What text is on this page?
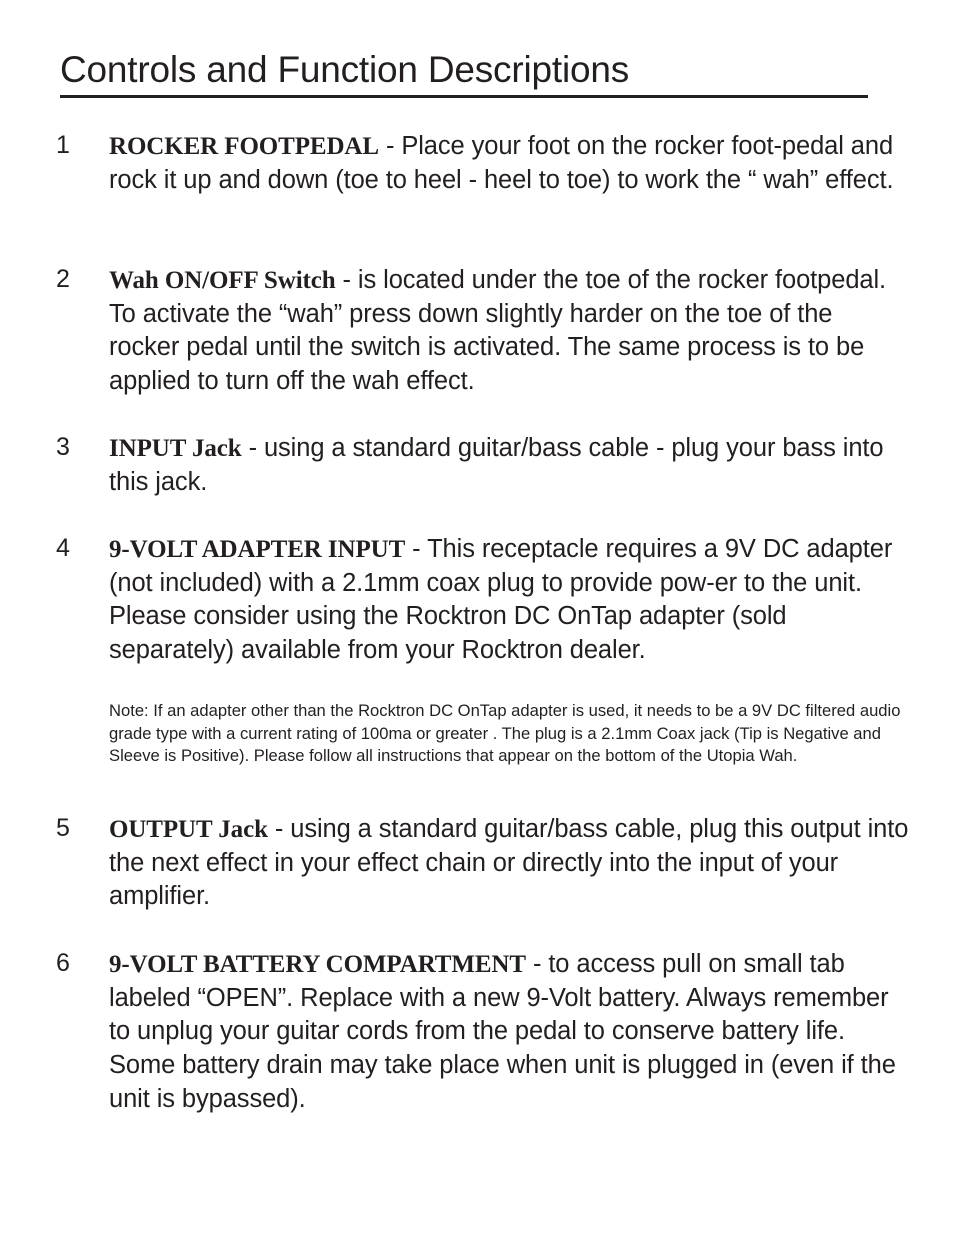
Controls and Function Descriptions
1 ROCKER FOOTPEDAL - Place your foot on the rocker foot-pedal and rock it up and down (toe to heel - heel to toe) to work the “ wah” effect.

2 Wah ON/OFF Switch - is located under the toe of the rocker footpedal. To activate the “wah” press down slightly harder on the toe of the rocker pedal until the switch is activated. The same process is to be applied to turn off the wah effect.

3 INPUT Jack - using a standard guitar/bass cable - plug your bass into this jack.

4 9-VOLT ADAPTER INPUT - This receptacle requires a 9V DC adapter (not included) with a 2.1mm coax plug to provide pow-er to the unit. Please consider using the Rocktron DC OnTap adapter (sold separately) available from your Rocktron dealer.

Note: If an adapter other than the Rocktron DC OnTap adapter is used, it needs to be a 9V DC filtered audio grade type with a current rating of 100ma or greater . The plug is a 2.1mm Coax jack (Tip is Negative and Sleeve is Positive). Please follow all instructions that appear on the bottom of the Utopia Wah.

5 OUTPUT Jack - using a standard guitar/bass cable, plug this output into the next effect in your effect chain or directly into the input of your amplifier.

6 9-VOLT BATTERY COMPARTMENT - to access pull on small tab labeled “OPEN”. Replace with a new 9-Volt battery. Always remember to unplug your guitar cords from the pedal to conserve battery life. Some battery drain may take place when unit is plugged in (even if the unit is bypassed).
